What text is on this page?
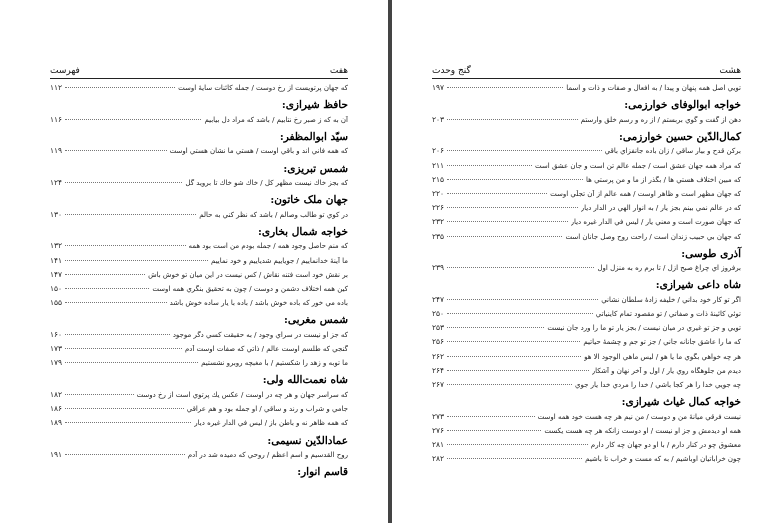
فهرست	هفت
كه جهان پرتويست از رخ دوست / جمله كائنات سايهٔ اوست
۱۱۲
حافظ شیرازی:
آن به كه ز صبر رخ نتابيم / باشد كه مراد دل بيابيم
۱۱۶
سیّد ابوالمظفر:
كه همه فاني اند و باقي اوست / هستي ما نشان هستي اوست
۱۱۹
شمس تبریزی:
كه بجز خاك نيست مظهر كل / خاك شو خاك تا برويد گل
۱۲۴
جهان ملک خاتون:
در كوي تو طالب وصالم / باشد كه نظر كني به حالم
۱۳۰
خواجه شمال بخاری:
كه منم حاصل وجود همه / جمله بودم من است بود همه
۱۳۲
ما آينهٔ خدانماييم / جوياييم شدياييم و خود نماييم
۱۴۱
بر نقش خود است فتنه نقاش / كس نيست در اين ميان تو خوش باش
۱۴۷
كين همه اختلاف دشمن و دوست / چون به تحقيق بنگري همه اوست
۱۵۰
باده مي خور كه باده خوش باشد / باده با يار ساده خوش باشد
۱۵۵
شمس مغربی:
كه جز او نيست در سراي وجود / به حقيقت كسي دگر موجود
۱۶۰
گنجي كه طلسم اوست عالم / ذاتي كه صفات اوست آدم
۱۷۳
ما توبه و زهد را شكستيم / با مغبچه روبرو نشستيم
۱۷۹
شاه نعمت‌الله ولی:
كه سراسر جهان و هر چه در اوست / عكس يك پرتوي است از رخ دوست
۱۸۲
جامي و شراب و رند و ساقي / او جمله بود و هم عراقي
۱۸۶
كه همه ظاهر نه و باطن باز / ليس في الدار غيره ديار
۱۸۹
عمادالدّین نسیمی:
روح القدسيم و اسم اعظم / روحي كه دميده شد در آدم
۱۹۱
قاسم انوار:
گنج وحدت	هشت
تويي اصل همه پنهان و پيدا / به افعال و صفات و ذات و اسما
۱۹۷
خواجه ابوالوفای خوارزمی:
دهن از گفت و گوي بربستم / از ره و رسم خلق وارستم
۲۰۳
کمال‌الدّین حسین خوارزمی:
بركن قدح و بيار ساقي / زان باده جانفزاي باقي
۲۰۶
كه مراد همه جهان عشق است / جمله عالم تن است و جان عشق است
۲۱۱
كه مبين اختلاف هستي ها / بگذر از ما و من پرستي ها
۲۱۵
كه جهان مظهر است و ظاهر اوست / همه عالم از آن تجلّي اوست
۲۲۰
كه در عالم نمي بينم بجز يار / به انوار الهي در الدار ديار
۲۲۶
كه جهان صورت است و معني يار / ليس في الدار غيره ديار
۲۳۲
كه جهان بي حبيب زندان است / راحت روح وصل جانان است
۲۳۵
آذری طوسی:
برفروز اي چراغ صبح ازل / تا برم ره به منزل اول
۲۳۹
شاه داعی شیرازی:
اگر تو كار خود بداني / خليفه زادهٔ سلطان نشاني
۲۴۷
توئي كائينهٔ ذات و صفاتي / تو مقصود تمام كاينياتي
۲۵۰
تويي و جز تو غيري در ميان نيست / بجز يار تو ما را ورد جان نيست
۲۵۳
كه ما را عاشق جانانه جاني / جز تو جم و چشمهٔ حياتيم
۲۵۶
هر چه خواهي بگوي ما يا هو / ليس ماهي الوجود الا هو
۲۶۲
ديدم من جلوهگاه روي يار / اول و آخر نهان و آشكار
۲۶۴
چه جويي خدا را هر كجا باشي / خدا را مردي خدا يار جوي
۲۶۷
خواجه کمال غیاث شیرازی:
نيست فرقي ميانهٔ من و دوست / من نيم هر چه هست خود همه اوست
۲۷۳
همه او ديدمش و جز او نيست / او دوست زانكه هر چه هست يكست
۲۷۶
معشوق چو در كنار دارم / با او دو جهان چه كار دارم
۲۸۱
چون خراباتيان اوباشيم / به كه مست و خراب تا باشيم
۲۸۲
